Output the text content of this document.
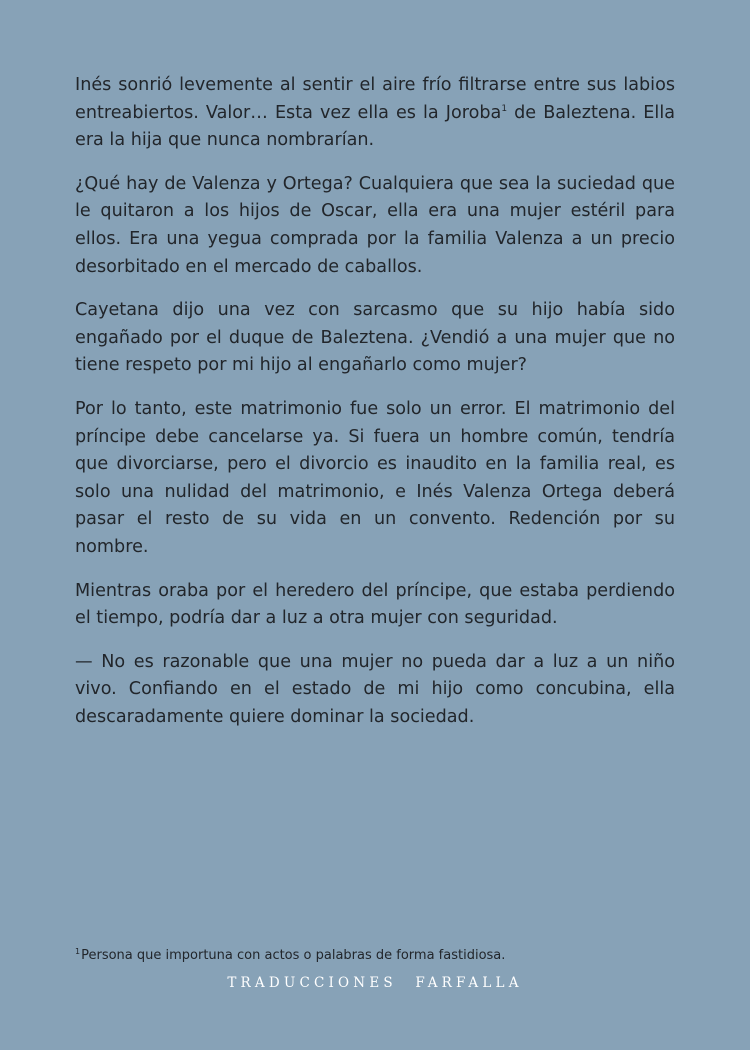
Inés sonrió levemente al sentir el aire frío filtrarse entre sus labios entreabiertos. Valor… Esta vez ella es la Joroba$^1$ de Baleztena. Ella era la hija que nunca nombrarían.

¿Qué hay de Valenza y Ortega? Cualquiera que sea la suciedad que le quitaron a los hijos de Oscar, ella era una mujer estéril para ellos. Era una yegua comprada por la familia Valenza a un precio desorbitado en el mercado de caballos.

Cayetana dijo una vez con sarcasmo que su hijo había sido engañado por el duque de Baleztena. ¿Vendió a una mujer que no tiene respeto por mi hijo al engañarlo como mujer?

Por lo tanto, este matrimonio fue solo un error. El matrimonio del príncipe debe cancelarse ya. Si fuera un hombre común, tendría que divorciarse, pero el divorcio es inaudito en la familia real, es solo una nulidad del matrimonio, e Inés Valenza Ortega deberá pasar el resto de su vida en un convento. Redención por su nombre.

Mientras oraba por el heredero del príncipe, que estaba perdiendo el tiempo, podría dar a luz a otra mujer con seguridad.

— No es razonable que una mujer no pueda dar a luz a un niño vivo. Confiando en el estado de mi hijo como concubina, ella descaradamente quiere dominar la sociedad.

$^1$Persona que importuna con actos o palabras de forma fastidiosa.
TRADUCCIONES FARFALLA
